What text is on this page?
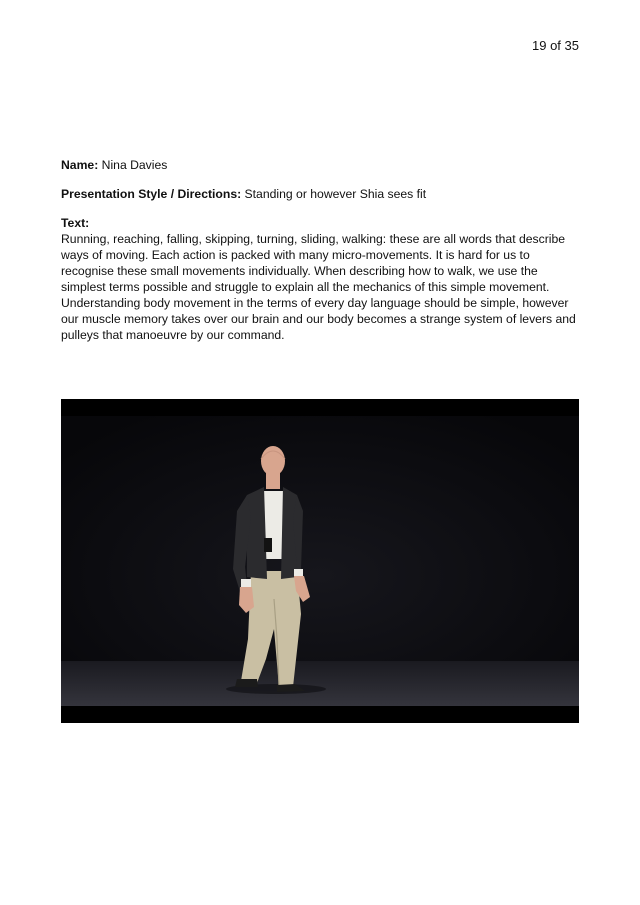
19 of 35

Name: Nina Davies

Presentation Style / Directions: Standing or however Shia sees fit

Text:
Running, reaching, falling, skipping, turning, sliding, walking: these are all words that describe ways of moving. Each action is packed with many micro-movements. It is hard for us to recognise these small movements individually. When describing how to walk, we use the simplest terms possible and struggle to explain all the mechanics of this simple movement. Understanding body movement in the terms of every day language should be simple, however our muscle memory takes over our brain and our body becomes a strange system of levers and pulleys that manoeuvre by our command.
